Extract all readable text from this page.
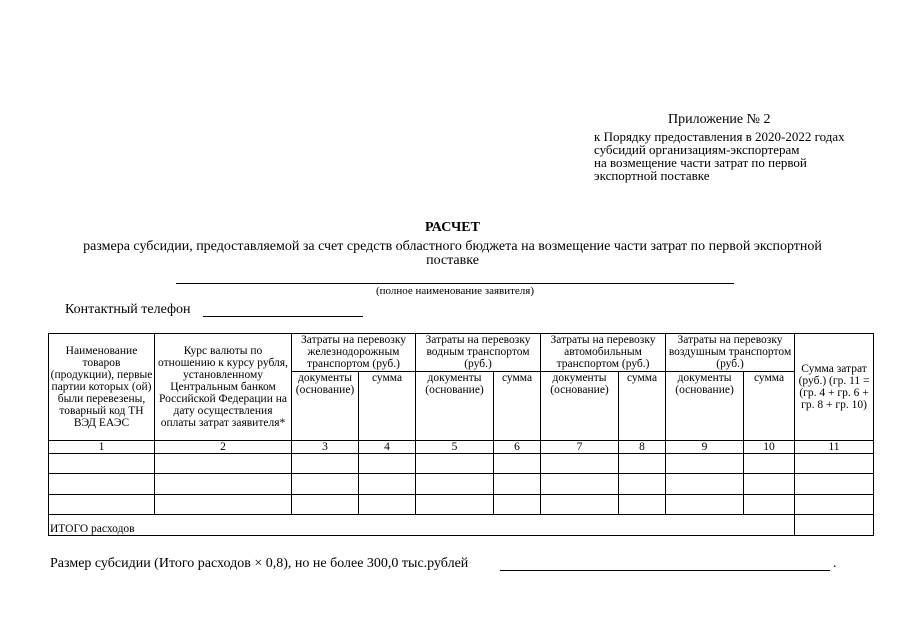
Приложение № 2
к Порядку предоставления в 2020-2022 годах
субсидий организациям-экспортерам
на возмещение части затрат по первой
экспортной поставке
РАСЧЕТ
размера субсидии, предоставляемой за счет средств областного бюджета на возмещение части затрат по первой экспортной поставке
(полное наименование заявителя)
Контактный телефон
Наименование товаров (продукции), первые партии которых (ой) были перевезены, товарный код ТН ВЭД ЕАЭС	Курс валюты по отношению к курсу рубля, установленному Центральным банком Российской Федерации на дату осуществления оплаты затрат заявителя*	Затраты на перевозку железнодорожным транспортом (руб.)		Затраты на перевозку водным транспортом (руб.)		Затраты на перевозку автомобильным транспортом (руб.)		Затраты на перевозку воздушным транспортом (руб.)		Сумма затрат (руб.) (гр. 11 = (гр. 4 + гр. 6 + гр. 8 + гр. 10)
		документы (основание)	сумма	документы (основание)	сумма	документы (основание)	сумма	документы (основание)	сумма	
1	2	3	4	5	6	7	8	9	10	11

ИТОГО расходов										
Размер субсидии (Итого расходов × 0,8), но не более 300,0 тыс.рублей	.
